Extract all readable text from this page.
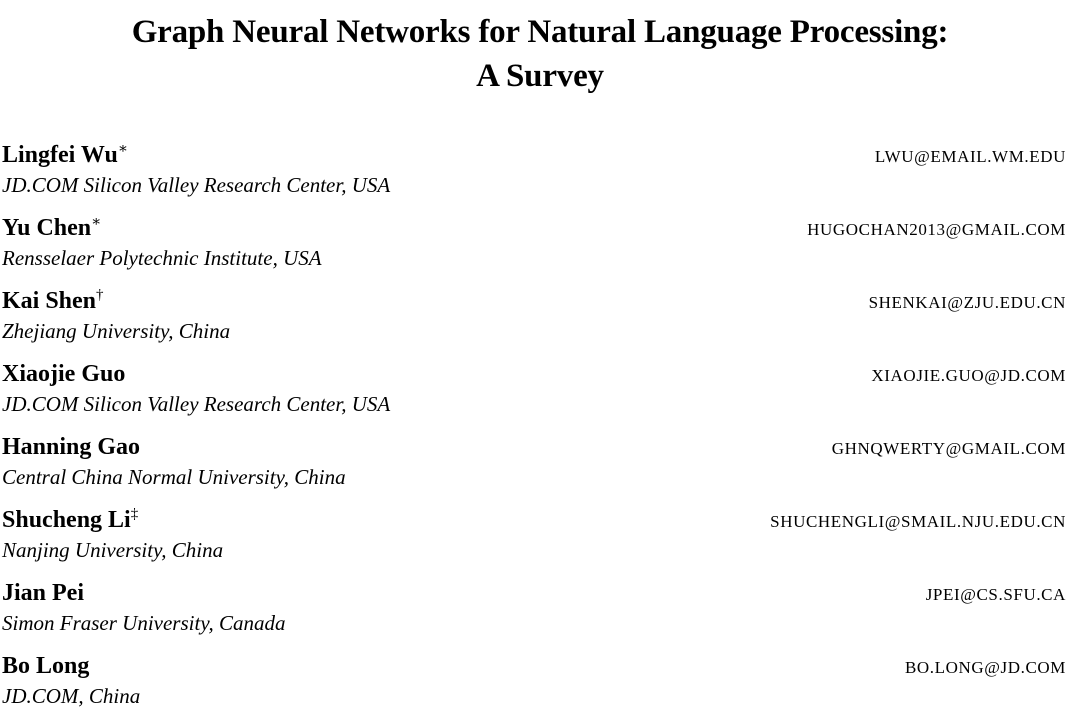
Graph Neural Networks for Natural Language Processing:
A Survey
Lingfei Wu∗
JD.COM Silicon Valley Research Center, USA
LWU@EMAIL.WM.EDU
Yu Chen∗
Rensselaer Polytechnic Institute, USA
HUGOCHAN2013@GMAIL.COM
Kai Shen†
Zhejiang University, China
SHENKAI@ZJU.EDU.CN
Xiaojie Guo
JD.COM Silicon Valley Research Center, USA
XIAOJIE.GUO@JD.COM
Hanning Gao
Central China Normal University, China
GHNQWERTY@GMAIL.COM
Shucheng Li‡
Nanjing University, China
SHUCHENGLI@SMAIL.NJU.EDU.CN
Jian Pei
Simon Fraser University, Canada
JPEI@CS.SFU.CA
Bo Long
JD.COM, China
BO.LONG@JD.COM
